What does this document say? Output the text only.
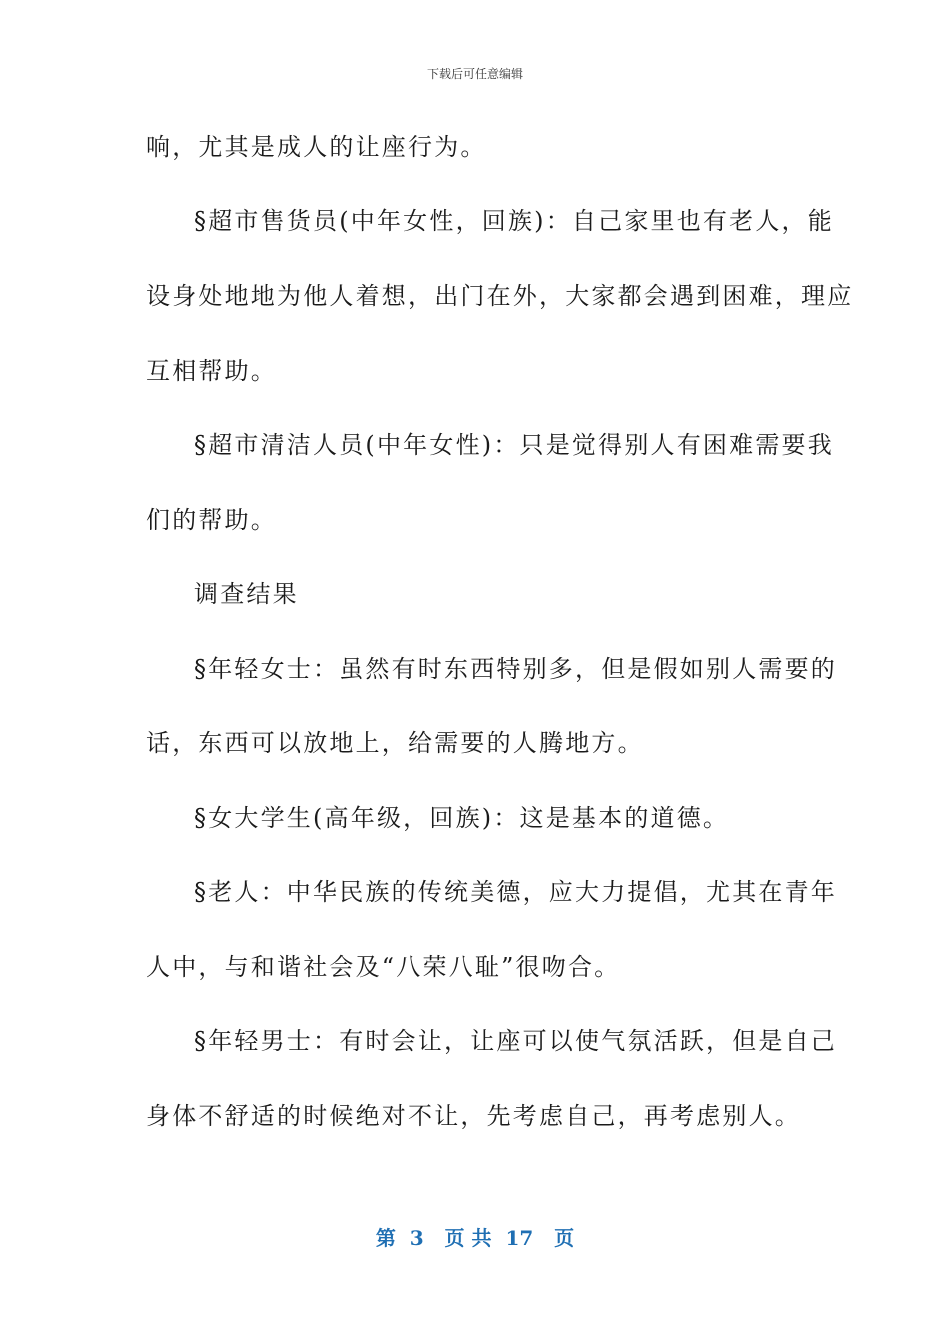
下载后可任意编辑
响，尤其是成人的让座行为。
§超市售货员(中年女性，回族)：自己家里也有老人，能
设身处地地为他人着想，出门在外，大家都会遇到困难，理应
互相帮助。
§超市清洁人员(中年女性)：只是觉得别人有困难需要我
们的帮助。
调查结果
§年轻女士：虽然有时东西特别多，但是假如别人需要的
话，东西可以放地上，给需要的人腾地方。
§女大学生(高年级，回族)：这是基本的道德。
§老人：中华民族的传统美德，应大力提倡，尤其在青年
人中，与和谐社会及“八荣八耻”很吻合。
§年轻男士：有时会让，让座可以使气氛活跃，但是自己
身体不舒适的时候绝对不让，先考虑自己，再考虑别人。
第  3   页 共  17   页
